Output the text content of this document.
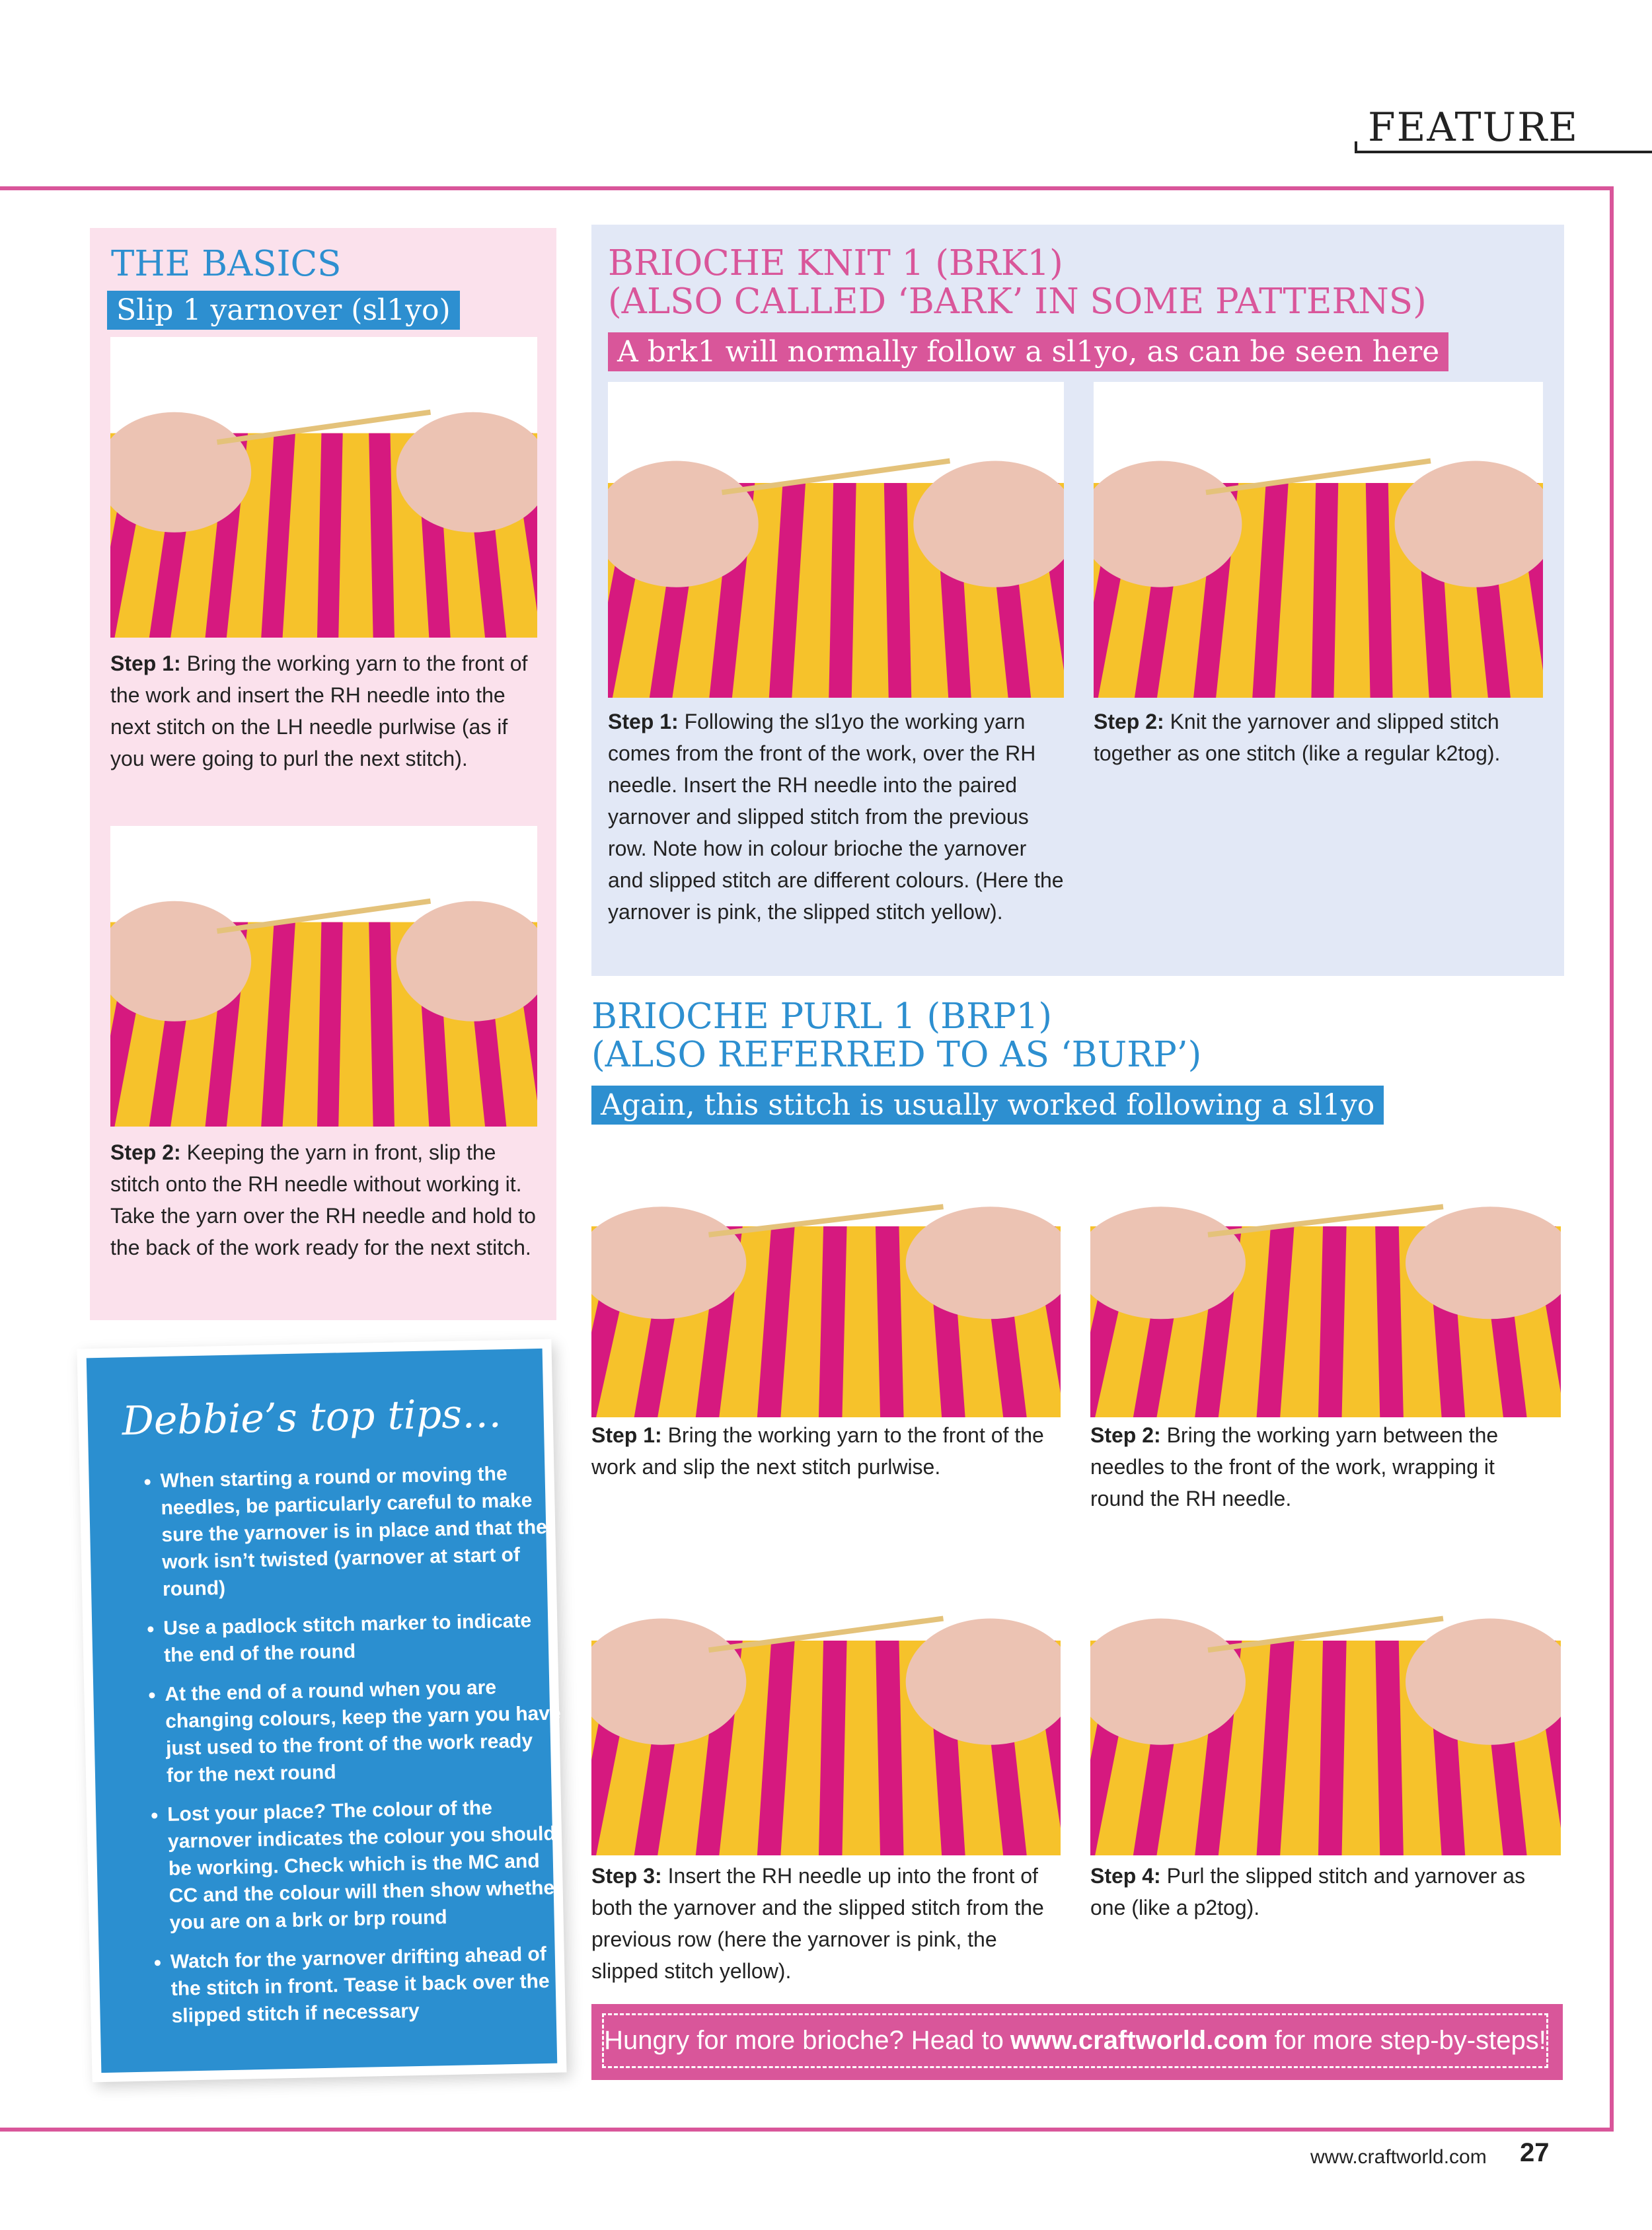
FEATURE
THE BASICS
Slip 1 yarnover (sl1yo)
Step 1: Bring the working yarn to the front of the work and insert the RH needle into the next stitch on the LH needle purlwise (as if you were going to purl the next stitch).
Step 2: Keeping the yarn in front, slip the stitch onto the RH needle without working it. Take the yarn over the RH needle and hold to the back of the work ready for the next stitch.
BRIOCHE KNIT 1 (BRK1)
(ALSO CALLED ‘BARK’ IN SOME PATTERNS)
A brk1 will normally follow a sl1yo, as can be seen here
Step 1: Following the sl1yo the working yarn comes from the front of the work, over the RH needle. Insert the RH needle into the paired yarnover and slipped stitch from the previous row. Note how in colour brioche the yarnover and slipped stitch are different colours. (Here the yarnover is pink, the slipped stitch yellow).
Step 2: Knit the yarnover and slipped stitch together as one stitch (like a regular k2tog).
BRIOCHE PURL 1 (BRP1)
(ALSO REFERRED TO AS ‘BURP’)
Again, this stitch is usually worked following a sl1yo
Step 1: Bring the working yarn to the front of the work and slip the next stitch purlwise.
Step 2: Bring the working yarn between the needles to the front of the work, wrapping it round the RH needle.
Step 3: Insert the RH needle up into the front of both the yarnover and the slipped stitch from the previous row (here the yarnover is pink, the slipped stitch yellow).
Step 4: Purl the slipped stitch and yarnover as one (like a p2tog).
Debbie’s top tips…
• When starting a round or moving the needles, be particularly careful to make sure the yarnover is in place and that the work isn’t twisted (yarnover at start of round)
• Use a padlock stitch marker to indicate the end of the round
• At the end of a round when you are changing colours, keep the yarn you have just used to the front of the work ready for the next round
• Lost your place? The colour of the yarnover indicates the colour you should be working. Check which is the MC and CC and the colour will then show whether you are on a brk or brp round
• Watch for the yarnover drifting ahead of the stitch in front. Tease it back over the slipped stitch if necessary
Hungry for more brioche? Head to www.craftworld.com for more step-by-steps!
www.craftworld.com 27
